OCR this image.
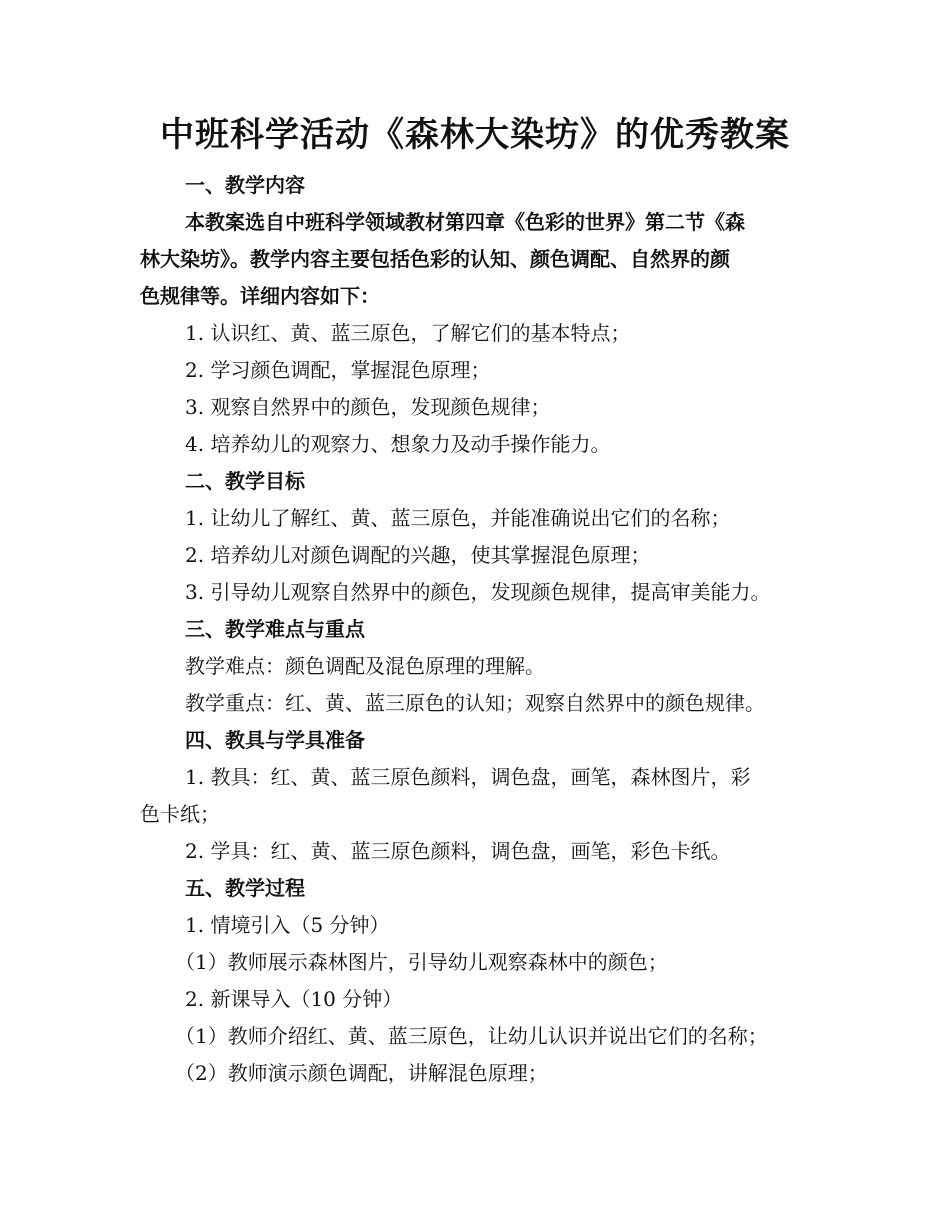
中班科学活动《森林大染坊》的优秀教案

一、教学内容

本教案选自中班科学领域教材第四章《色彩的世界》第二节《森

林大染坊》。教学内容主要包括色彩的认知、颜色调配、自然界的颜

色规律等。详细内容如下：

1. 认识红、黄、蓝三原色，了解它们的基本特点；

2. 学习颜色调配，掌握混色原理；

3. 观察自然界中的颜色，发现颜色规律；

4. 培养幼儿的观察力、想象力及动手操作能力。

二、教学目标

1. 让幼儿了解红、黄、蓝三原色，并能准确说出它们的名称；

2. 培养幼儿对颜色调配的兴趣，使其掌握混色原理；

3. 引导幼儿观察自然界中的颜色，发现颜色规律，提高审美能力。

三、教学难点与重点

教学难点：颜色调配及混色原理的理解。

教学重点：红、黄、蓝三原色的认知；观察自然界中的颜色规律。

四、教具与学具准备

1. 教具：红、黄、蓝三原色颜料，调色盘，画笔，森林图片，彩

色卡纸；

2. 学具：红、黄、蓝三原色颜料，调色盘，画笔，彩色卡纸。

五、教学过程

1. 情境引入（5 分钟）

（1）教师展示森林图片，引导幼儿观察森林中的颜色；

2. 新课导入（10 分钟）

（1）教师介绍红、黄、蓝三原色，让幼儿认识并说出它们的名称；

（2）教师演示颜色调配，讲解混色原理；
